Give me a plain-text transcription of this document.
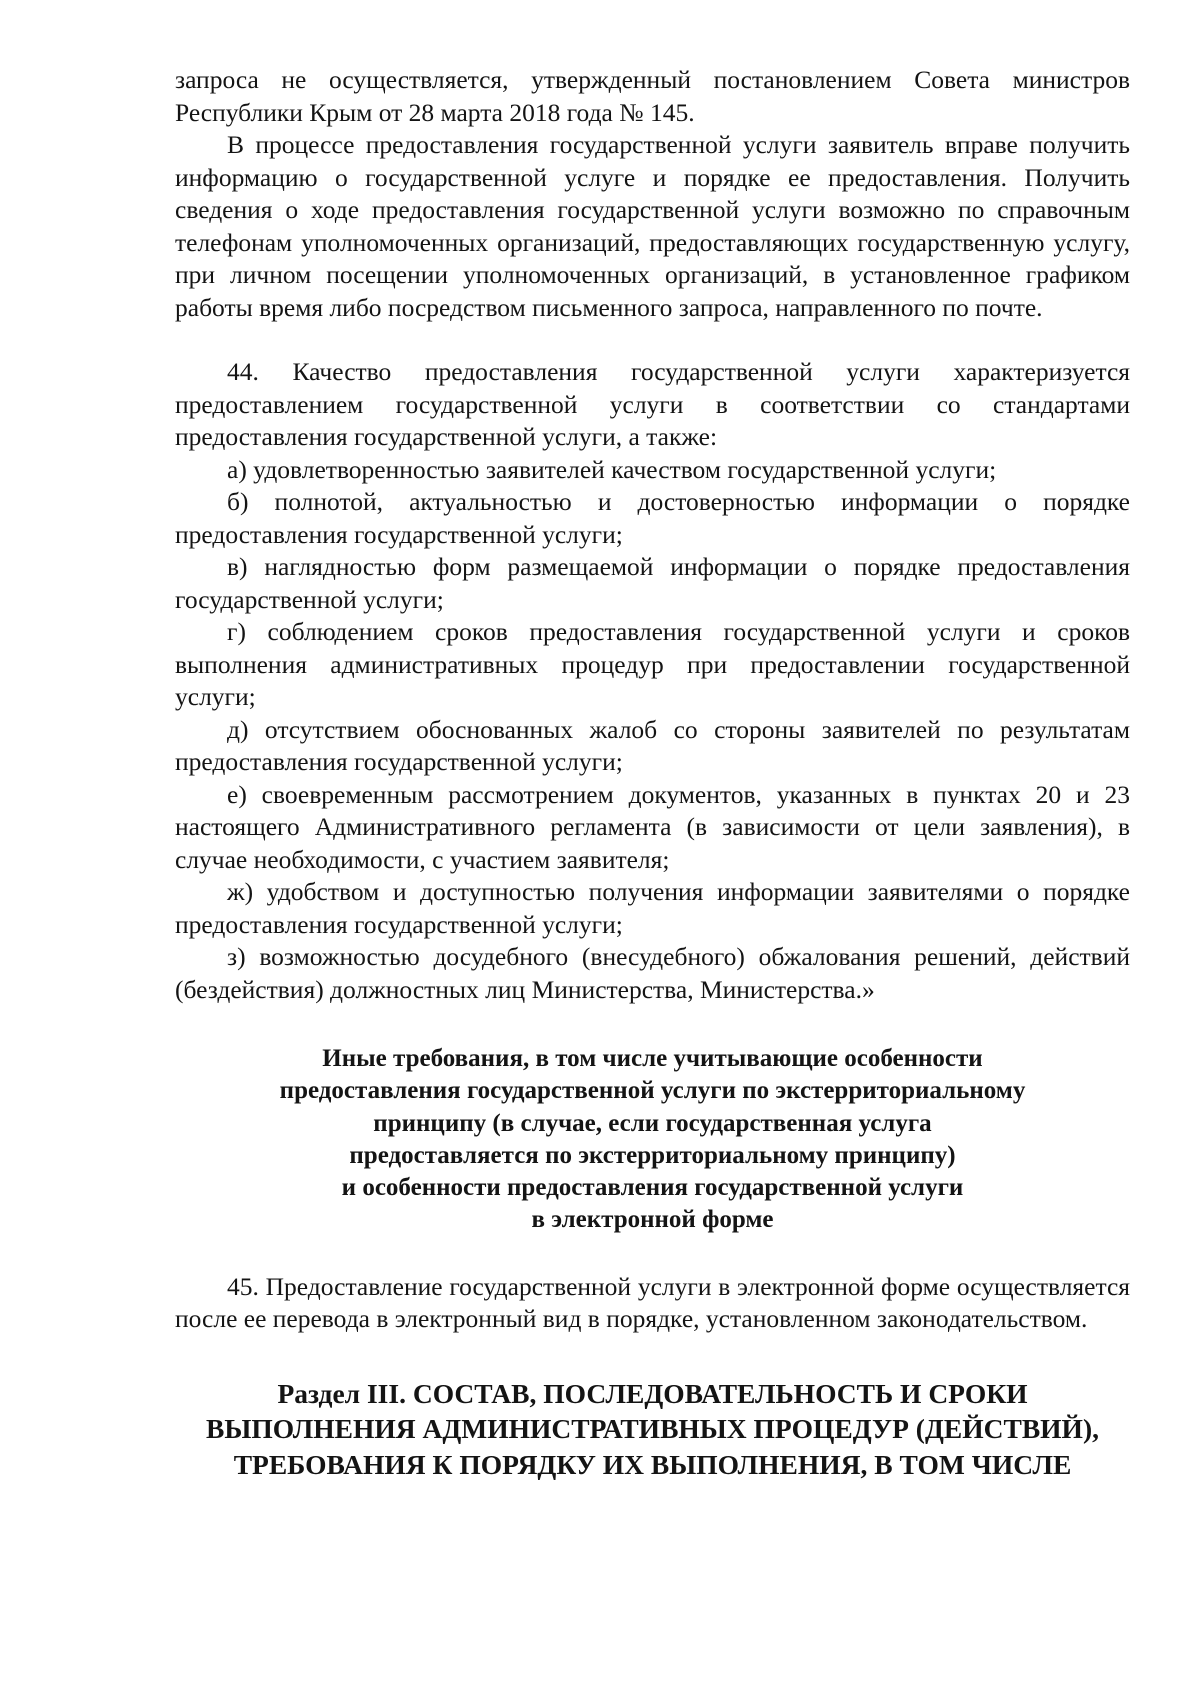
запроса не осуществляется, утвержденный постановлением Совета министров Республики Крым от 28 марта 2018 года № 145.

В процессе предоставления государственной услуги заявитель вправе получить информацию о государственной услуге и порядке ее предоставления. Получить сведения о ходе предоставления государственной услуги возможно по справочным телефонам уполномоченных организаций, предоставляющих государственную услугу, при личном посещении уполномоченных организаций, в установленное графиком работы время либо посредством письменного запроса, направленного по почте.

44. Качество предоставления государственной услуги характеризуется предоставлением государственной услуги в соответствии со стандартами предоставления государственной услуги, а также:

а) удовлетворенностью заявителей качеством государственной услуги;

б) полнотой, актуальностью и достоверностью информации о порядке предоставления государственной услуги;

в) наглядностью форм размещаемой информации о порядке предоставления государственной услуги;

г) соблюдением сроков предоставления государственной услуги и сроков выполнения административных процедур при предоставлении государственной услуги;

д) отсутствием обоснованных жалоб со стороны заявителей по результатам предоставления государственной услуги;

е) своевременным рассмотрением документов, указанных в пунктах 20 и 23 настоящего Административного регламента (в зависимости от цели заявления), в случае необходимости, с участием заявителя;

ж) удобством и доступностью получения информации заявителями о порядке предоставления государственной услуги;

з) возможностью досудебного (внесудебного) обжалования решений, действий (бездействия) должностных лиц Министерства, Министерства.»

Иные требования, в том числе учитывающие особенности
предоставления государственной услуги по экстерриториальному
принципу (в случае, если государственная услуга
предоставляется по экстерриториальному принципу)
и особенности предоставления государственной услуги
в электронной форме

45. Предоставление государственной услуги в электронной форме осуществляется после ее перевода в электронный вид в порядке, установленном законодательством.

Раздел III. СОСТАВ, ПОСЛЕДОВАТЕЛЬНОСТЬ И СРОКИ
ВЫПОЛНЕНИЯ АДМИНИСТРАТИВНЫХ ПРОЦЕДУР (ДЕЙСТВИЙ),
ТРЕБОВАНИЯ К ПОРЯДКУ ИХ ВЫПОЛНЕНИЯ, В ТОМ ЧИСЛЕ
